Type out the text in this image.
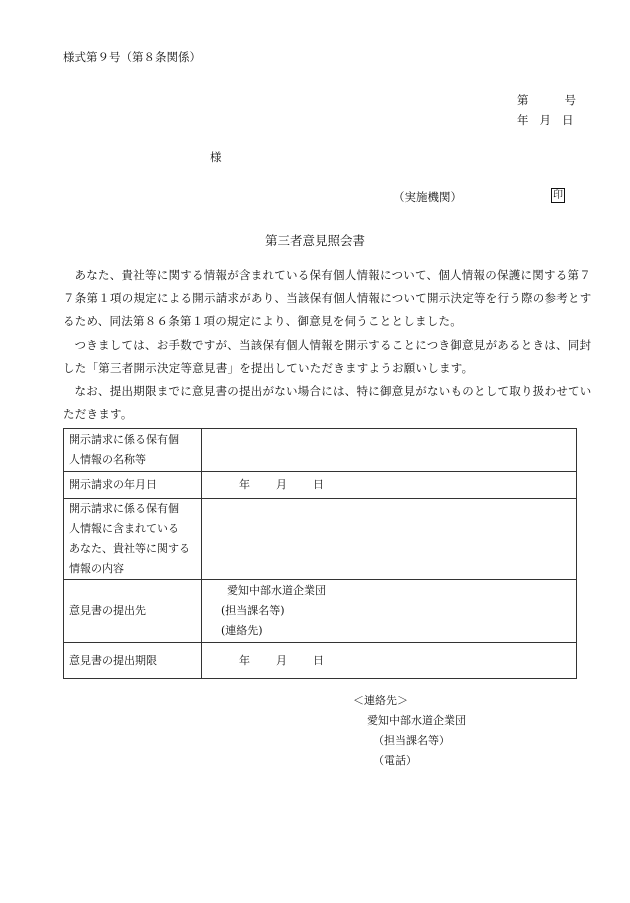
様式第９号（第８条関係）
第	号
年 月 日
様
（実施機関）	印
第三者意見照会書

あなた、貴社等に関する情報が含まれている保有個人情報について、個人情報の保護に関する第７７条第１項の規定による開示請求があり、当該保有個人情報について開示決定等を行う際の参考とするため、同法第８６条第１項の規定により、御意見を伺うこととしました。

つきましては、お手数ですが、当該保有個人情報を開示することにつき御意見があるときは、同封した「第三者開示決定等意見書」を提出していただきますようお願いします。

なお、提出期限までに意見書の提出がない場合には、特に御意見がないものとして取り扱わせていただきます。

開示請求に係る保有個
人情報の名称等	

開示請求の年月日	年 月 日

開示請求に係る保有個
人情報に含まれている
あなた、貴社等に関する
情報の内容	

意見書の提出先	愛知中部水道企業団
(担当課名等)
(連絡先)

意見書の提出期限	年 月 日
＜連絡先＞
愛知中部水道企業団
（担当課名等）
（電話）
